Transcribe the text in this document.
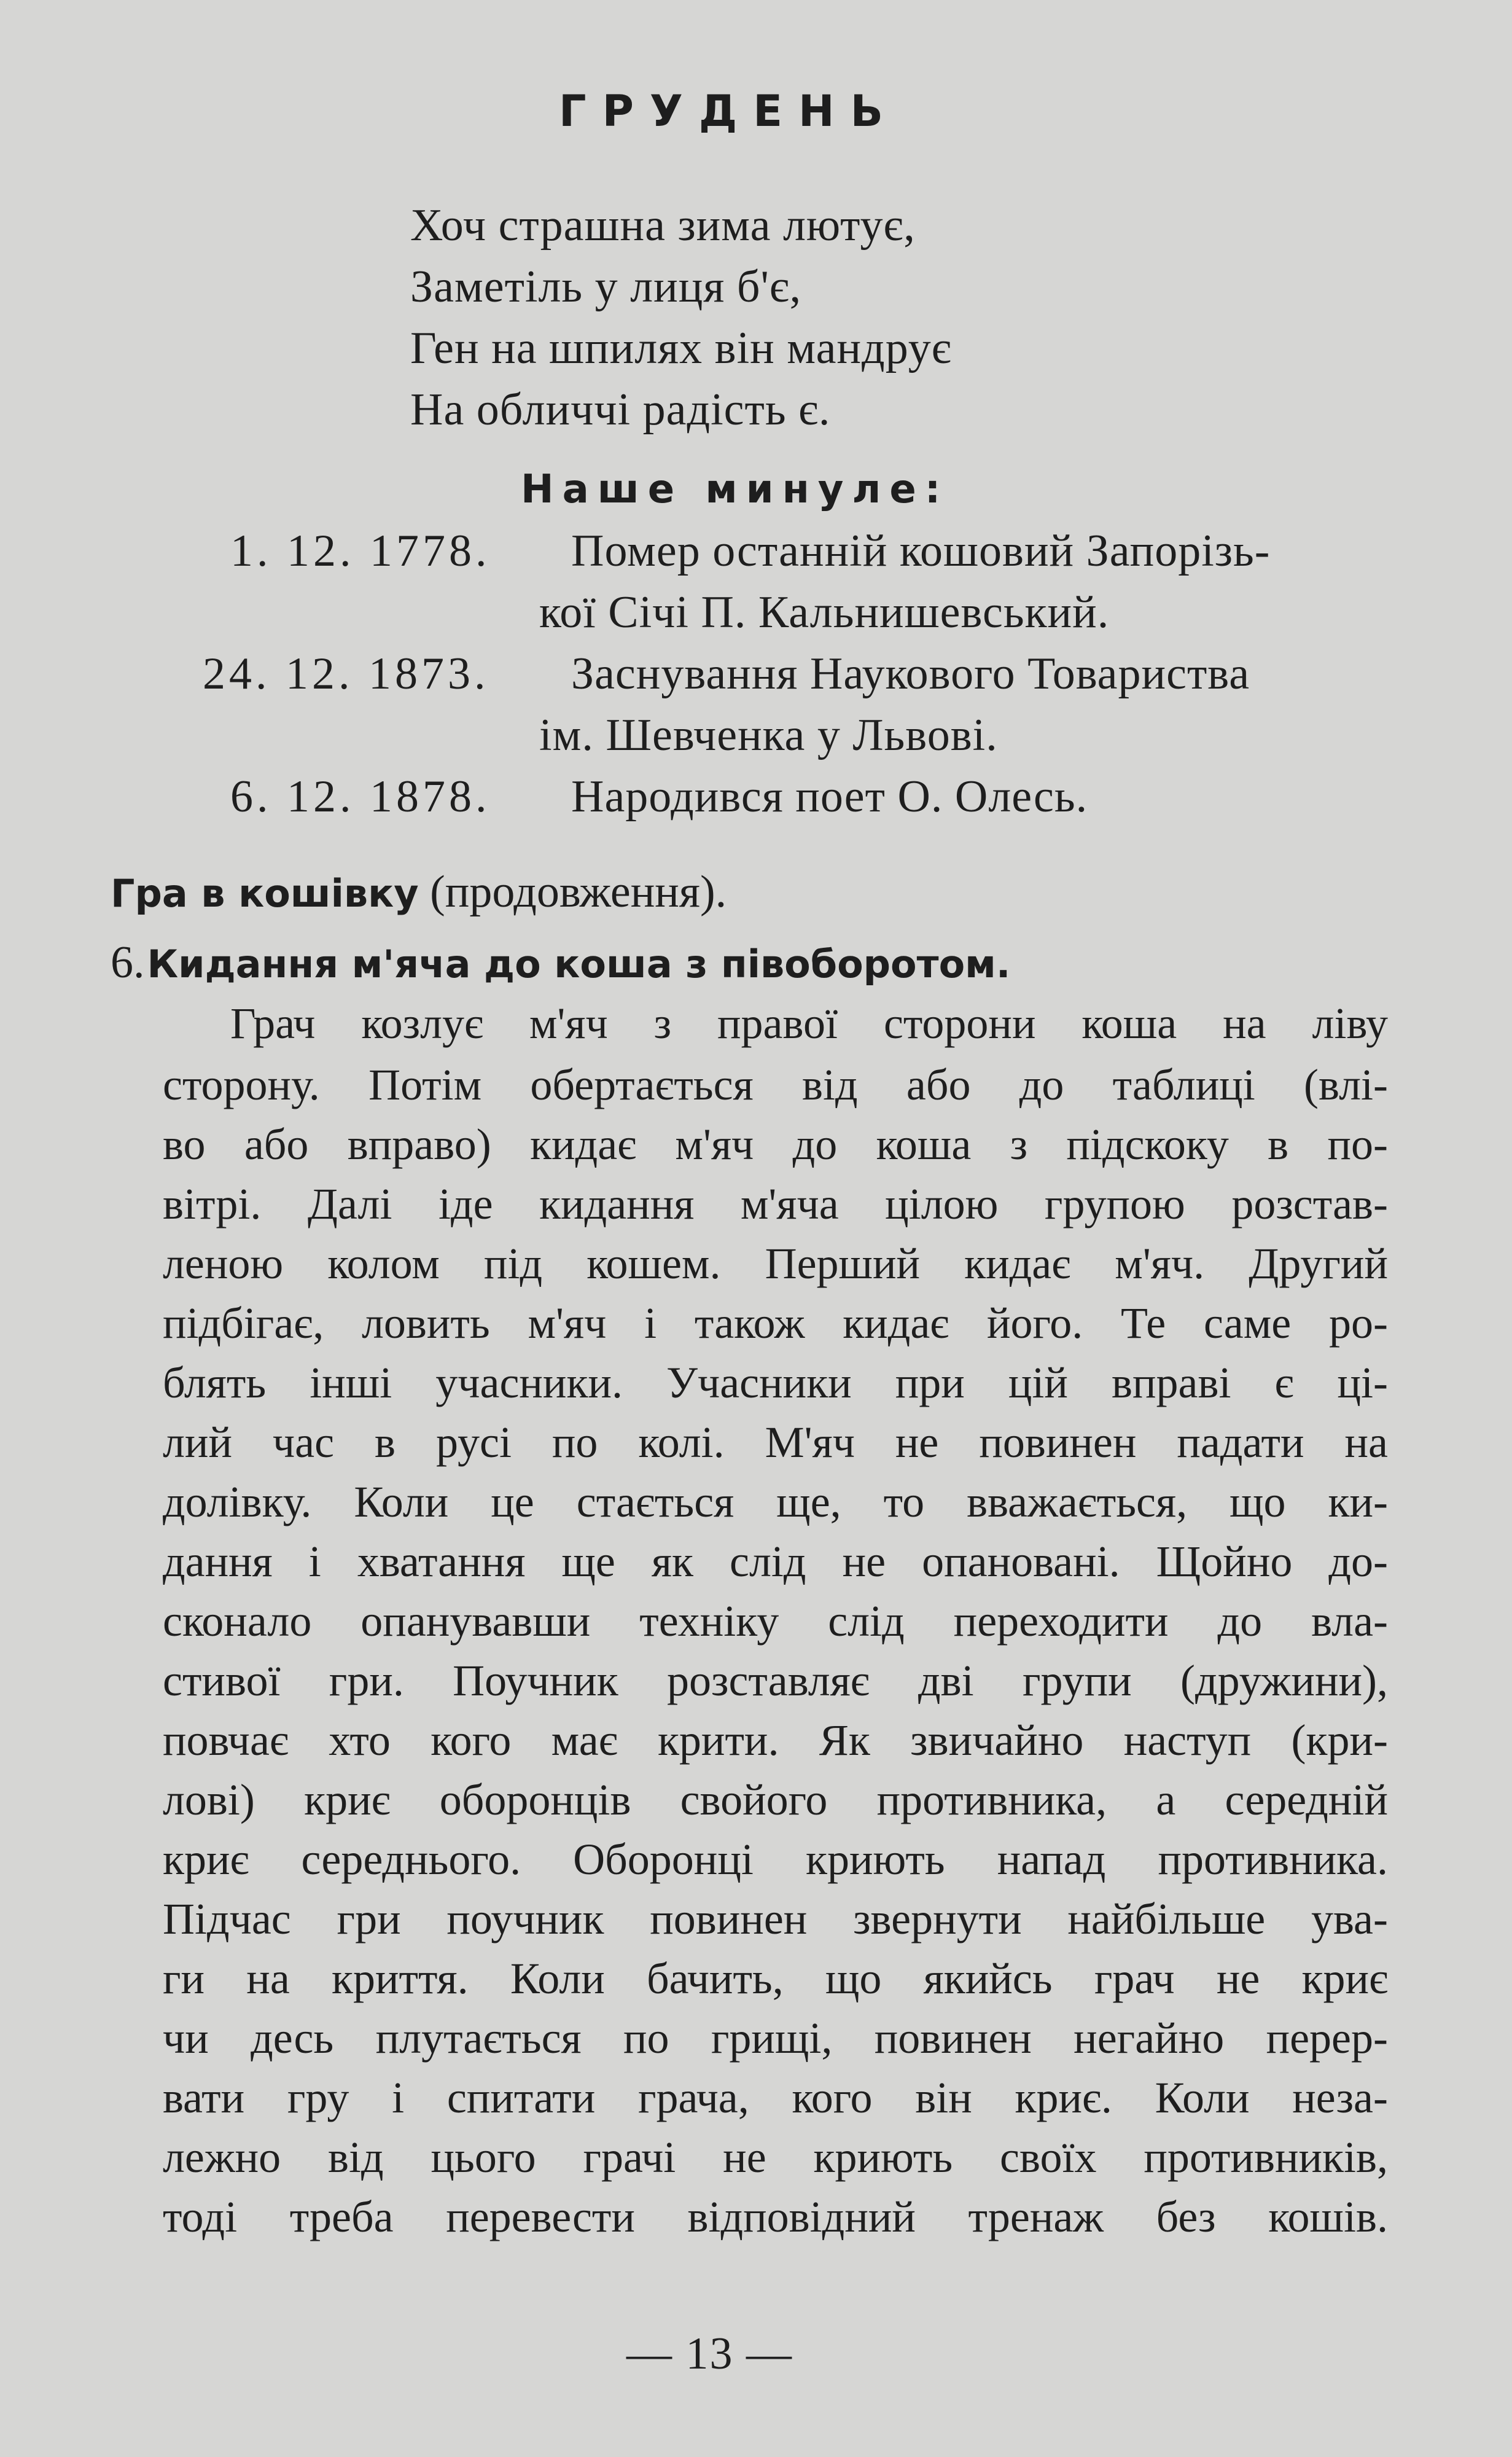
ГРУДЕНЬ
Хоч страшна зима лютує,
Заметіль у лиця б'є,
Ген на шпилях він мандрує
На обличчі радість є.
Наше минуле:
1. 12. 1778. Помер останній кошовий Запорізь-
кої Січі П. Кальнишевський.
24. 12. 1873. Заснування Наукового Товариства
ім. Шевченка у Львові.
6. 12. 1878. Народився поет О. Олесь.
Гра в кошівку (продовження).
6. Кидання м'яча до коша з півоборотом.
Грач козлує м'яч з правої сторони коша на ліву
сторону. Потім обертається від або до таблиці (влі-
во або вправо) кидає м'яч до коша з підскоку в по-
вітрі. Далі іде кидання м'яча цілою групою розстав-
леною колом під кошем. Перший кидає м'яч. Другий
підбігає, ловить м'яч і також кидає його. Те саме ро-
блять інші учасники. Учасники при цій вправі є ці-
лий час в русі по колі. М'яч не повинен падати на
долівку. Коли це стається ще, то вважається, що ки-
дання і хватання ще як слід не опановані. Щойно до-
сконало опанувавши техніку слід переходити до вла-
стивої гри. Поучник розставляє дві групи (дружини),
повчає хто кого має крити. Як звичайно наступ (кри-
лові) криє оборонців свойого противника, а середній
криє середнього. Оборонці криють напад противника.
Підчас гри поучник повинен звернути найбільше ува-
ги на криття. Коли бачить, що якийсь грач не криє
чи десь плутається по грищі, повинен негайно перер-
вати гру і спитати грача, кого він криє. Коли неза-
лежно від цього грачі не криють своїх противників,
тоді треба перевести відповідний тренаж без кошів.
— 13 —
